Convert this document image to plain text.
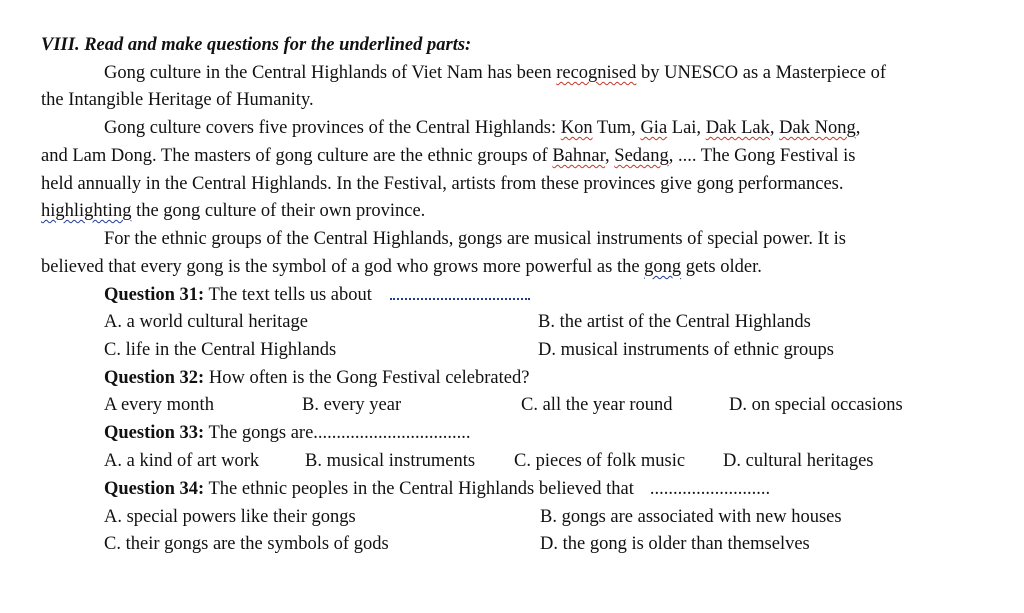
VIII. Read and make questions for the underlined parts:
Gong culture in the Central Highlands of Viet Nam has been recognised by UNESCO as a Masterpiece of
the Intangible Heritage of Humanity.
Gong culture covers five provinces of the Central Highlands: Kon Tum, Gia Lai, Dak Lak, Dak Nong,
and Lam Dong. The masters of gong culture are the ethnic groups of Bahnar, Sedang, .... The Gong Festival is
held annually in the Central Highlands. In the Festival, artists from these provinces give gong performances.
highlighting the gong culture of their own province.
For the ethnic groups of the Central Highlands, gongs are musical instruments of special power. It is
believed that every gong is the symbol of a god who grows more powerful as the gong gets older.
Question 31: The text tells us about
A. a world cultural heritage	B. the artist of the Central Highlands
C. life in the Central Highlands	D. musical instruments of ethnic groups
Question 32: How often is the Gong Festival celebrated?
A every month	B. every year	C. all the year round	D. on special occasions
Question 33: The gongs are..................................
A. a kind of art work B. musical instruments C. pieces of folk music D. cultural heritages
Question 34: The ethnic peoples in the Central Highlands believed that ..........................
A. special powers like their gongs	B. gongs are associated with new houses
C. their gongs are the symbols of gods	D. the gong is older than themselves
